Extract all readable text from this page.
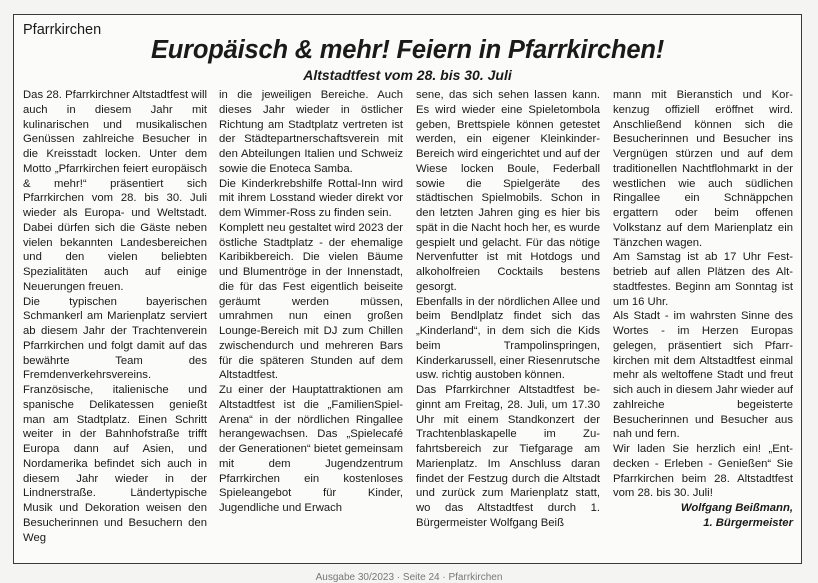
Pfarrkirchen
Europäisch & mehr! Feiern in Pfarrkirchen!
Altstadtfest vom 28. bis 30. Juli

Das 28. Pfarrkirchner Altstadtfest will auch in diesem Jahr mit kulinarischen und musikalischen Genüssen zahlreiche Besucher in die Kreisstadt locken. Unter dem Motto „Pfarrkirchen feiert europäisch & mehr!“ präsentiert sich Pfarrkirchen vom 28. bis 30. Juli wieder als Europa- und Weltstadt. Dabei dürfen sich die Gäste neben vielen bekannten Landesbereichen und den vielen beliebten Spezialitäten auch auf einige Neuerungen freuen.

Die typischen bayerischen Schmankerl am Marienplatz serviert ab diesem Jahr der Trachtenverein Pfarrkirchen und folgt damit auf das bewährte Team des Fremdenverkehrsvereins. Französische, italienische und spanische Delikatessen genießt man am Stadtplatz. Einen Schritt weiter in der Bahnhofstraße trifft Europa dann auf Asien, und Nordamerika befindet sich auch in diesem Jahr wieder in der Lindnerstraße. Ländertypische Musik und Dekoration weisen den Besucherinnen und Besuchern den Weg

in die jeweiligen Bereiche. Auch dieses Jahr wieder in östlicher Richtung am Stadtplatz vertreten ist der Städtepartnerschaftsverein mit den Abteilungen Italien und Schweiz sowie die Enoteca Samba.

Die Kinderkrebshilfe Rottal-Inn wird mit ihrem Losstand wieder direkt vor dem Wimmer-Ross zu finden sein.

Komplett neu gestaltet wird 2023 der östliche Stadtplatz - der ehemalige Karibikbereich. Die vielen Bäume und Blumentröge in der Innenstadt, die für das Fest eigentlich beiseite geräumt werden müssen, umrahmen nun einen großen Lounge-Bereich mit DJ zum Chillen zwischendurch und mehreren Bars für die späteren Stunden auf dem Altstadtfest.

Zu einer der Hauptattraktionen am Altstadtfest ist die „FamilienSpiel-Arena“ in der nördlichen Ringallee herangewachsen. Das „Spielecafé der Generationen“ bietet gemeinsam mit dem Jugendzentrum Pfarrkirchen ein kostenloses Spieleangebot für Kinder, Jugendliche und Erwach

sene, das sich sehen lassen kann. Es wird wieder eine Spieletombola geben, Brettspiele können getestet werden, ein eigener Kleinkinder-Bereich wird eingerichtet und auf der Wiese locken Boule, Federball sowie die Spielgeräte des städtischen Spielmobils. Schon in den letzten Jahren ging es hier bis spät in die Nacht hoch her, es wurde gespielt und gelacht. Für das nötige Nervenfutter ist mit Hotdogs und alkoholfreien Cocktails bestens gesorgt.

Ebenfalls in der nördlichen Allee und beim Bendlplatz findet sich das „Kinderland“, in dem sich die Kids beim Trampolinspringen, Kinderkarussell, einer Riesenrutsche usw. richtig austoben können.

Das Pfarrkirchner Altstadtfest beginnt am Freitag, 28. Juli, um 17.30 Uhr mit einem Standkonzert der Trachtenblaskapelle im Zufahrtsbereich zur Tiefgarage am Marienplatz. Im Anschluss daran findet der Festzug durch die Altstadt und zurück zum Marienplatz statt, wo das Altstadtfest durch 1. Bürgermeister Wolfgang Beiß

mann mit Bieranstich und Korkenzug offiziell eröffnet wird. Anschließend können sich die Besucherinnen und Besucher ins Vergnügen stürzen und auf dem traditionellen Nachtflohmarkt in der westlichen wie auch südlichen Ringallee ein Schnäppchen ergattern oder beim offenen Volkstanz auf dem Marienplatz ein Tänzchen wagen.

Am Samstag ist ab 17 Uhr Festbetrieb auf allen Plätzen des Altstadtfestes. Beginn am Sonntag ist um 16 Uhr.

Als Stadt - im wahrsten Sinne des Wortes - im Herzen Europas gelegen, präsentiert sich Pfarrkirchen mit dem Altstadtfest einmal mehr als weltoffene Stadt und freut sich auch in diesem Jahr wieder auf zahlreiche begeisterte Besucherinnen und Besucher aus nah und fern.

Wir laden Sie herzlich ein! „Entdecken - Erleben - Genießen“ Sie Pfarrkirchen beim 28. Altstadtfest vom 28. bis 30. Juli!

Wolfgang Beißmann,

1. Bürgermeister

Ausgabe 30/2023 · Seite 24 · Pfarrkirchen
